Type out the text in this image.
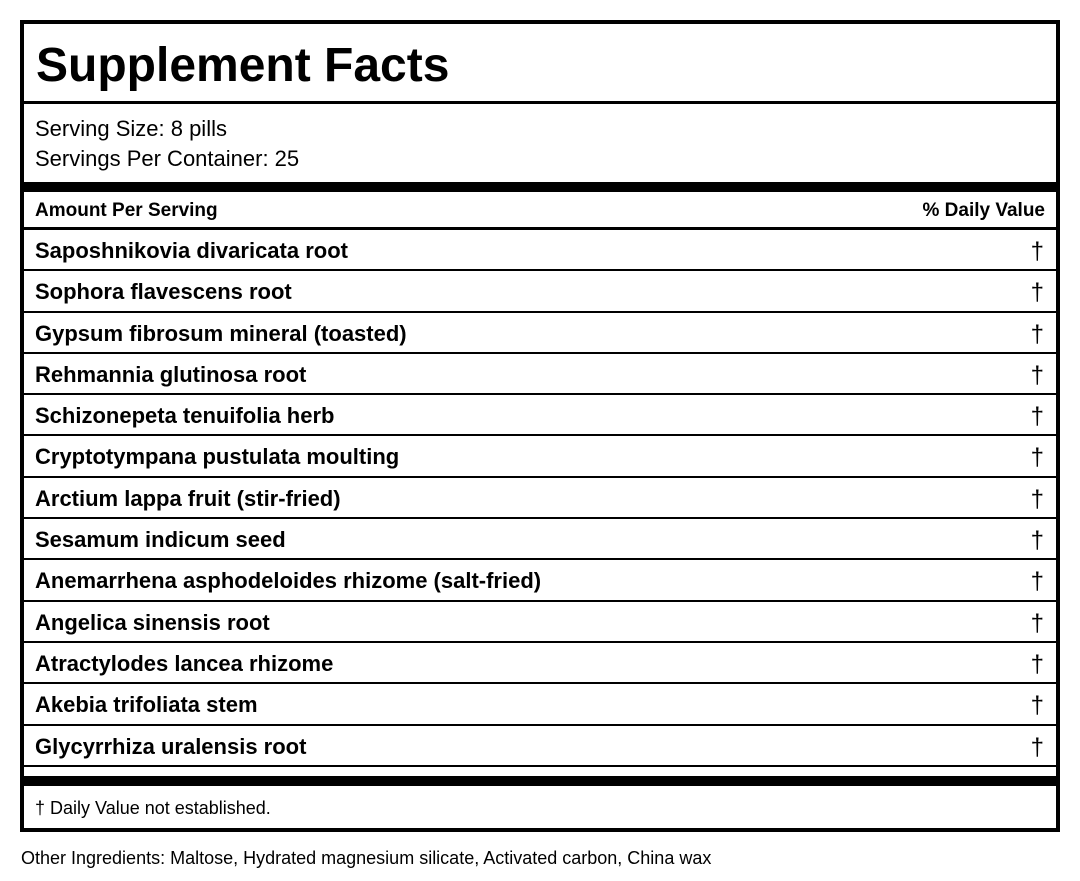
Supplement Facts
Serving Size: 8 pills
Servings Per Container: 25
Amount Per Serving	% Daily Value
Saposhnikovia divaricata root	†
Sophora flavescens root	†
Gypsum fibrosum mineral (toasted)	†
Rehmannia glutinosa root	†
Schizonepeta tenuifolia herb	†
Cryptotympana pustulata moulting	†
Arctium lappa fruit (stir-fried)	†
Sesamum indicum seed	†
Anemarrhena asphodeloides rhizome (salt-fried)	†
Angelica sinensis root	†
Atractylodes lancea rhizome	†
Akebia trifoliata stem	†
Glycyrrhiza uralensis root	†
† Daily Value not established.
Other Ingredients: Maltose, Hydrated magnesium silicate, Activated carbon, China wax
